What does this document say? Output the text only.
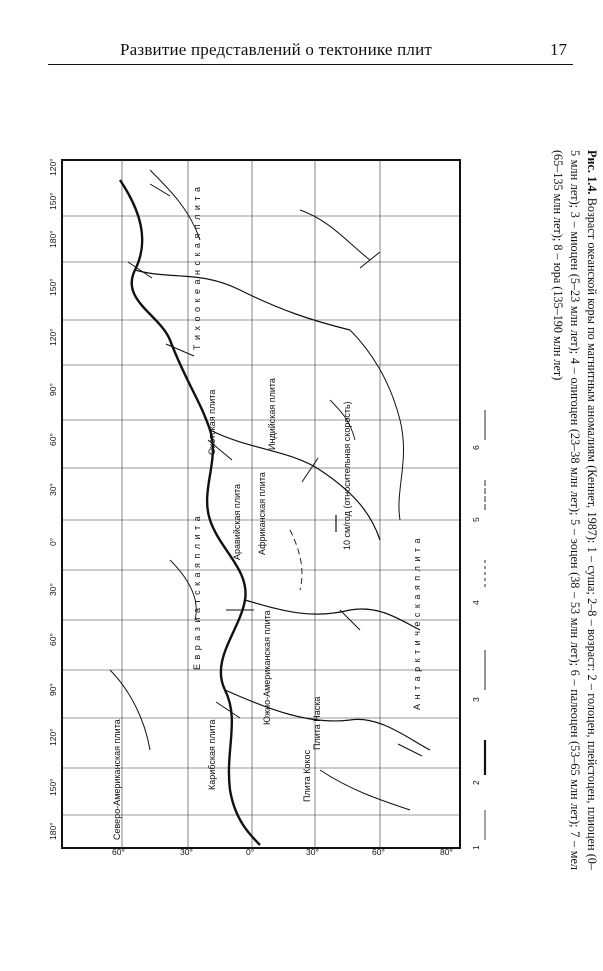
Развитие представлений о тектонике плит	17
180°
150°
120°
90°
60°
30°
0°
30°
60°
90°
120°
150°
180°
150°
120°
60°	30°	0°	30°	60°	80°
Е в р а з и а т с к а я п л и т а
Т и х о о к е а н с к а я п л и т а
А н т а р к т и ч е с к а я п л и т а
Северо-Американская плита	Карибская плита	Плита Кокос
Плита Наска
Южно-Американская плита
Аравийская плита Африканская плита
Индийская плита
Охотская плита	10 см/год (относительная скорость)
1
2
3
4
5
6

Рис. 1.4. Возраст океанской коры по магнитным аномалиям (Кеннет, 1987): 1 – суша; 2–8 – возраст: 2 – голоцен, плейстоцен, плиоцен (0–5 млн лет); 3 – миоцен (5–23 млн лет); 4 – олигоцен (23–38 млн лет); 5 – эоцен (38 – 53 млн лет); 6 – палеоцен (53–65 млн лет); 7 – мел (65–135 млн лет); 8 – юра (135–190 млн лет)
